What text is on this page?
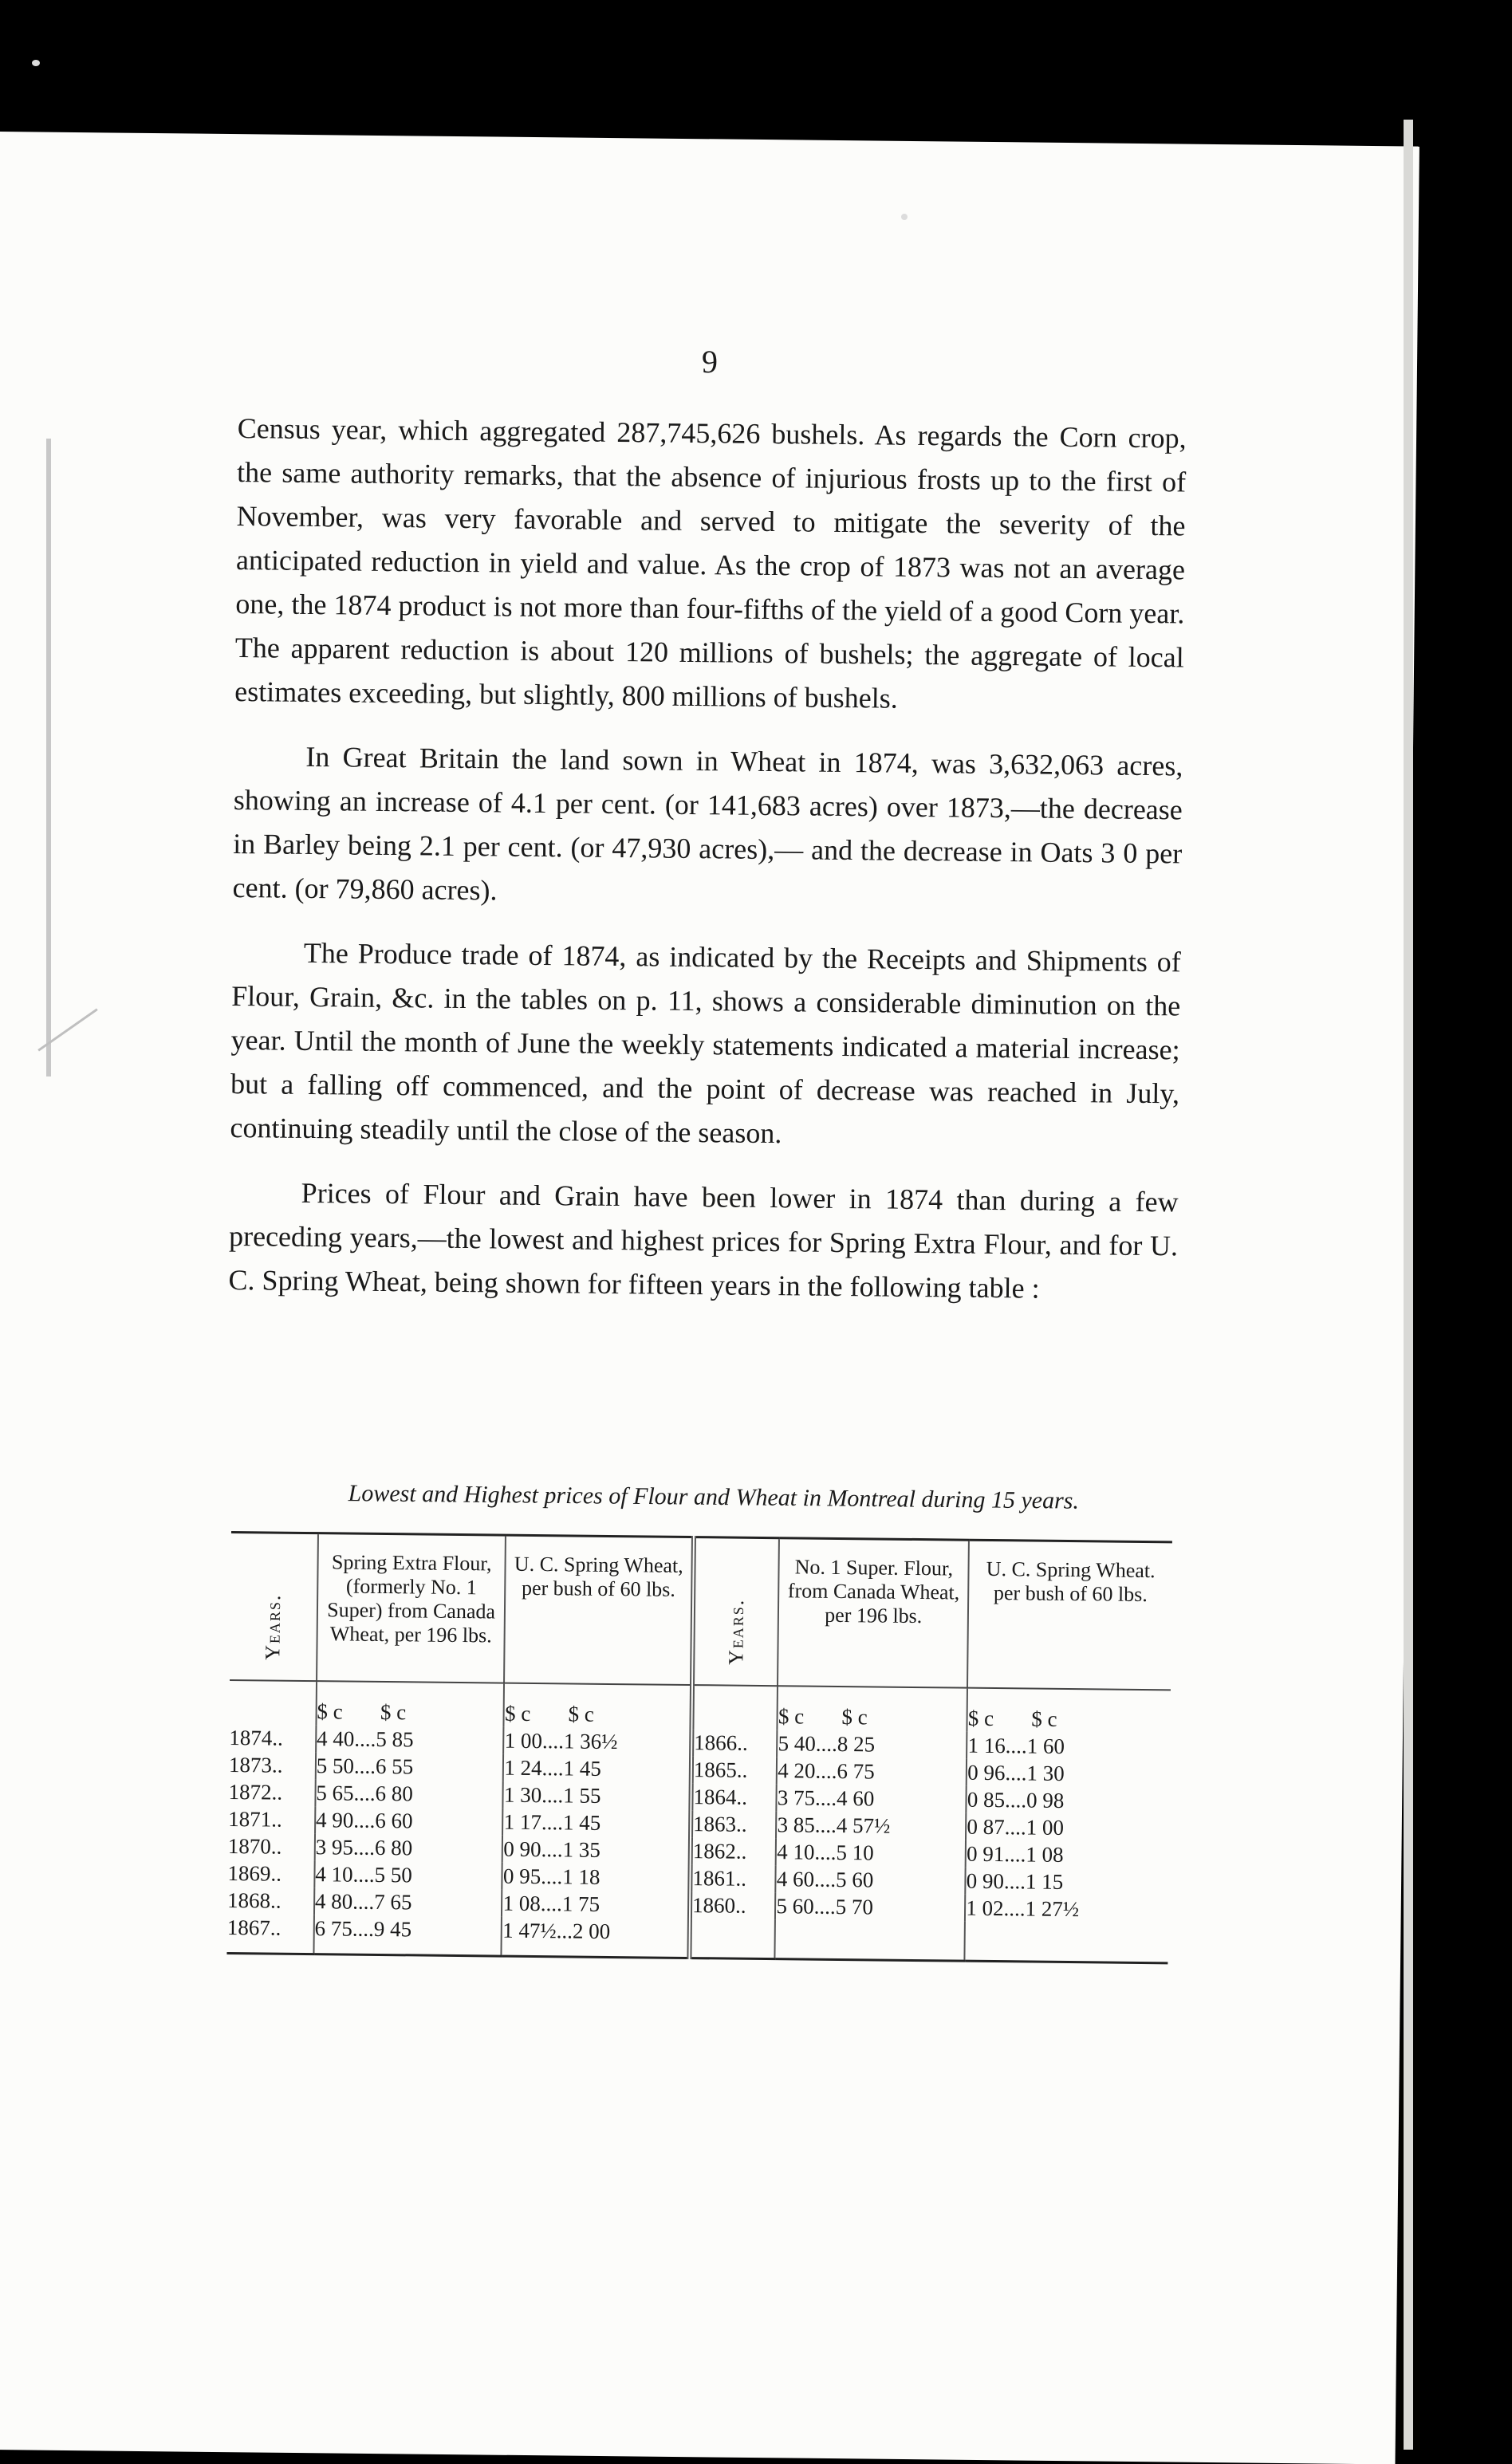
9

Census year, which aggregated 287,745,626 bushels. As regards the Corn crop, the same authority remarks, that the absence of injurious frosts up to the first of November, was very favorable and served to mitigate the severity of the anticipated reduction in yield and value. As the crop of 1873 was not an average one, the 1874 product is not more than four-fifths of the yield of a good Corn year. The apparent reduction is about 120 millions of bushels; the aggregate of local estimates exceeding, but slightly, 800 millions of bushels.

In Great Britain the land sown in Wheat in 1874, was 3,632,063 acres, showing an increase of 4.1 per cent. (or 141,683 acres) over 1873,—the decrease in Barley being 2.1 per cent. (or 47,930 acres),— and the decrease in Oats 3 0 per cent. (or 79,860 acres).

The Produce trade of 1874, as indicated by the Receipts and Shipments of Flour, Grain, &c. in the tables on p. 11, shows a considerable diminution on the year. Until the month of June the weekly statements indicated a material increase; but a falling off commenced, and the point of decrease was reached in July, continuing steadily until the close of the season.

Prices of Flour and Grain have been lower in 1874 than during a few preceding years,—the lowest and highest prices for Spring Extra Flour, and for U. C. Spring Wheat, being shown for fifteen years in the following table :

Lowest and Highest prices of Flour and Wheat in Montreal during 15 years.
Years.	Spring Extra Flour, (formerly No. 1 Super) from Canada Wheat, per 196 lbs.	U. C. Spring Wheat, per bush of 60 lbs.	Years.	No. 1 Super. Flour, from Canada Wheat, per 196 lbs.	U. C. Spring Wheat. per bush of 60 lbs.
	$ c       $ c	$ c       $ c		$ c       $ c	$ c       $ c
1874..	4 40....5 85	1 00....1 36½	1866..	5 40....8 25	1 16....1 60
1873..	5 50....6 55	1 24....1 45	1865..	4 20....6 75	0 96....1 30
1872..	5 65....6 80	1 30....1 55	1864..	3 75....4 60	0 85....0 98
1871..	4 90....6 60	1 17....1 45	1863..	3 85....4 57½	0 87....1 00
1870..	3 95....6 80	0 90....1 35	1862..	4 10....5 10	0 91....1 08
1869..	4 10....5 50	0 95....1 18	1861..	4 60....5 60	0 90....1 15
1868..	4 80....7 65	1 08....1 75	1860..	5 60....5 70	1 02....1 27½
1867..	6 75....9 45	1 47½...2 00			
